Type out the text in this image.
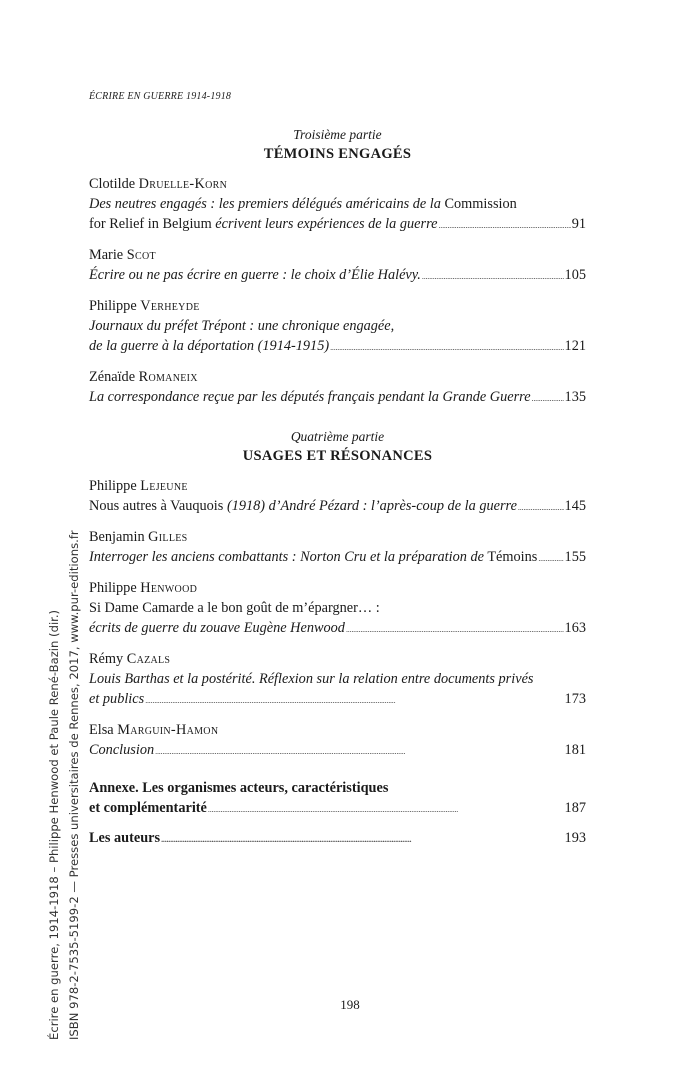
ÉCRIRE EN GUERRE 1914-1918
Troisième partie
TÉMOINS ENGAGÉS
Clotilde Druelle-Korn
Des neutres engagés : les premiers délégués américains de la Commission
for Relief in Belgium écrivent leurs expériences de la guerre . . .	91
Marie Scot
Écrire ou ne pas écrire en guerre : le choix d’Élie Halévy. . . .	105
Philippe Verheyde
Journaux du préfet Trépont : une chronique engagée,
de la guerre à la déportation (1914-1915) . . .	121
Zénaïde Romaneix
La correspondance reçue par les députés français pendant la Grande Guerre . . . 135
Quatrième partie
USAGES ET RÉSONANCES
Philippe Lejeune
Nous autres à Vauquois (1918) d’André Pézard : l’après-coup de la guerre . . .	145
Benjamin Gilles
Interroger les anciens combattants : Norton Cru et la préparation de Témoins . . . 155
Philippe Henwood
Si Dame Camarde a le bon goût de m’épargner… :
écrits de guerre du zouave Eugène Henwood . . .	163
Rémy Cazals
Louis Barthas et la postérité. Réflexion sur la relation entre documents privés
et publics . . .	173
Elsa Marguin-Hamon
Conclusion . . .	181
Annexe. Les organismes acteurs, caractéristiques
et complémentarité . . .	187
Les auteurs . . .	193
198
Écrire en guerre, 1914-1918 – Philippe Henwood et Paule René-Bazin (dir.) ISBN 978-2-7535-5199-2 — Presses universitaires de Rennes, 2017, www.pur-editions.fr
